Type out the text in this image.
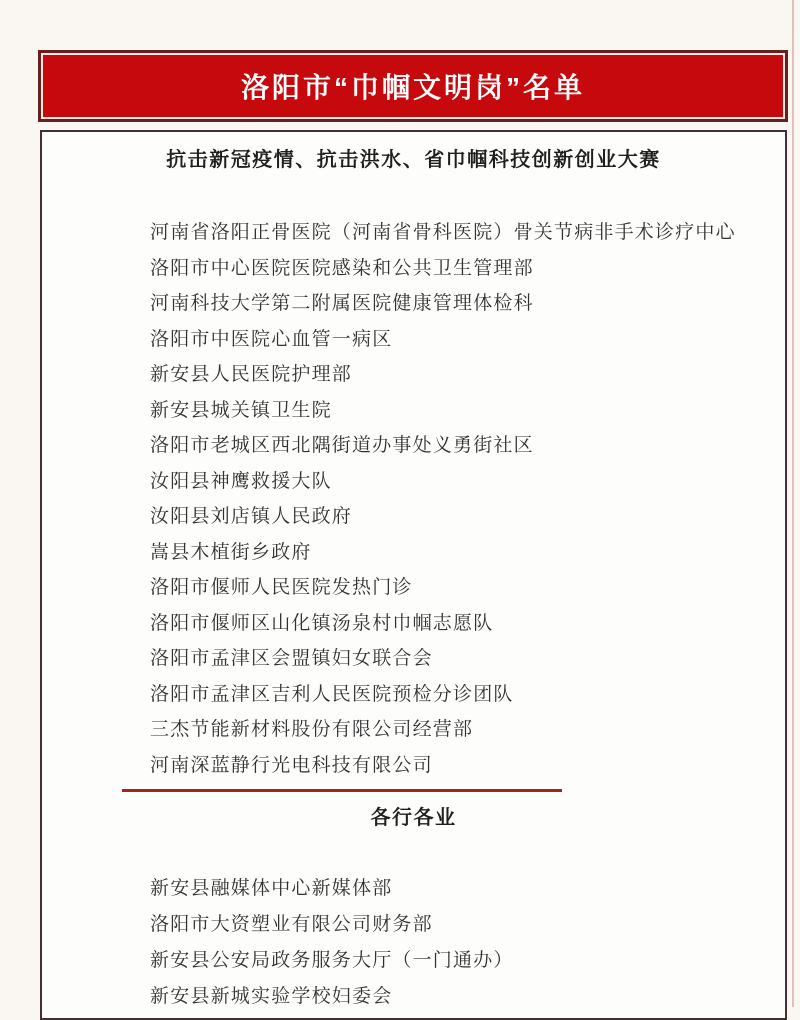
洛阳市“巾帼文明岗”名单
抗击新冠疫情、抗击洪水、省巾帼科技创新创业大赛
河南省洛阳正骨医院（河南省骨科医院）骨关节病非手术诊疗中心
洛阳市中心医院医院感染和公共卫生管理部
河南科技大学第二附属医院健康管理体检科
洛阳市中医院心血管一病区
新安县人民医院护理部
新安县城关镇卫生院
洛阳市老城区西北隅街道办事处义勇街社区
汝阳县神鹰救援大队
汝阳县刘店镇人民政府
嵩县木植街乡政府
洛阳市偃师人民医院发热门诊
洛阳市偃师区山化镇汤泉村巾帼志愿队
洛阳市孟津区会盟镇妇女联合会
洛阳市孟津区吉利人民医院预检分诊团队
三杰节能新材料股份有限公司经营部
河南深蓝静行光电科技有限公司
各行各业
新安县融媒体中心新媒体部
洛阳市大资塑业有限公司财务部
新安县公安局政务服务大厅（一门通办）
新安县新城实验学校妇委会
